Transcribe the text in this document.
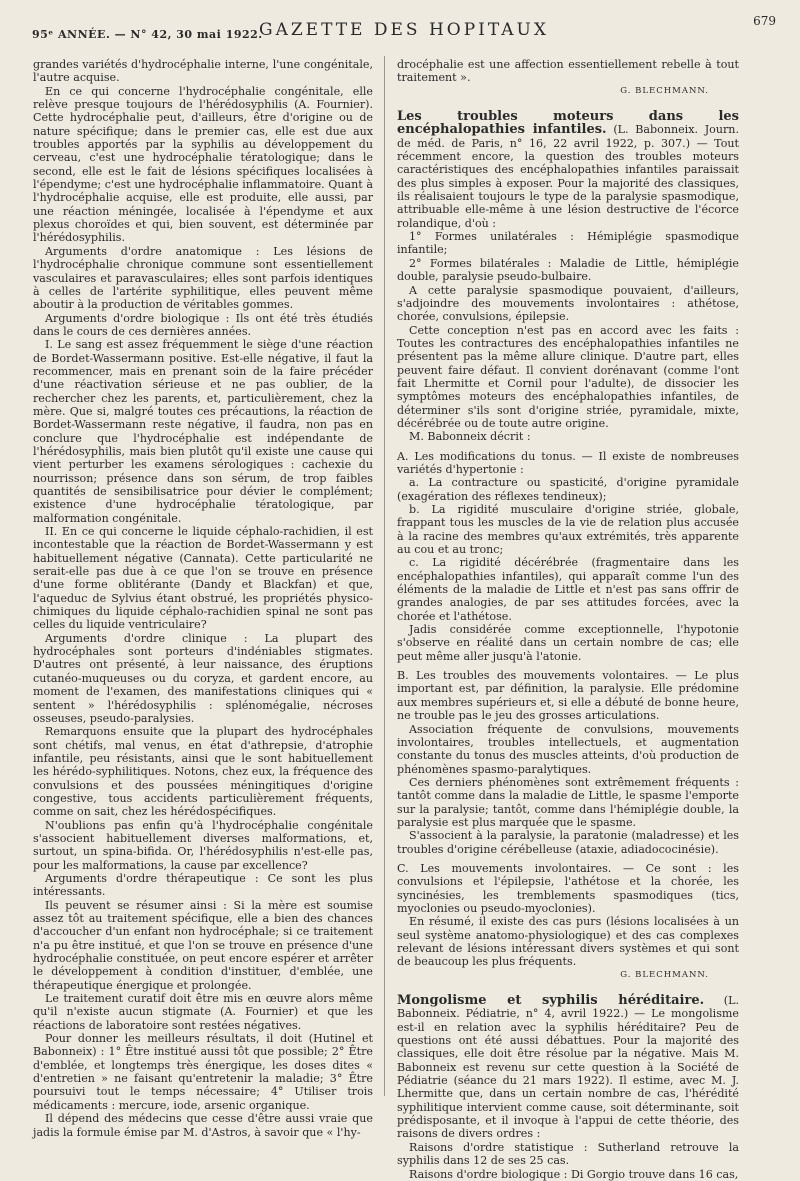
95ᵉ ANNÉE. — N° 42, 30 mai 1922.
GAZETTE DES HOPITAUX	679

grandes variétés d'hydrocéphalie interne, l'une congénitale, l'autre acquise.

En ce qui concerne l'hydrocéphalie congénitale, elle relève presque toujours de l'hérédosyphilis (A. Fournier). Cette hydrocéphalie peut, d'ailleurs, être d'origine ou de nature spécifique; dans le premier cas, elle est due aux troubles apportés par la syphilis au développement du cerveau, c'est une hydrocéphalie tératologique; dans le second, elle est le fait de lésions spécifiques localisées à l'épendyme; c'est une hydrocéphalie inflammatoire. Quant à l'hydrocéphalie acquise, elle est produite, elle aussi, par une réaction méningée, localisée à l'épendyme et aux plexus choroïdes et qui, bien souvent, est déterminée par l'hérédosyphilis.

Arguments d'ordre anatomique : Les lésions de l'hydrocéphalie chronique commune sont essentiellement vasculaires et paravasculaires; elles sont parfois identiques à celles de l'artérite syphilitique, elles peuvent même aboutir à la production de véritables gommes.

Arguments d'ordre biologique : Ils ont été très étudiés dans le cours de ces dernières années.

I. Le sang est assez fréquemment le siège d'une réaction de Bordet-Wassermann positive. Est-elle négative, il faut la recommencer, mais en prenant soin de la faire précéder d'une réactivation sérieuse et ne pas oublier, de la rechercher chez les parents, et, particulièrement, chez la mère. Que si, malgré toutes ces précautions, la réaction de Bordet-Wassermann reste négative, il faudra, non pas en conclure que l'hydrocéphalie est indépendante de l'hérédosyphilis, mais bien plutôt qu'il existe une cause qui vient perturber les examens sérologiques : cachexie du nourrisson; présence dans son sérum, de trop faibles quantités de sensibilisatrice pour dévier le complément; existence d'une hydrocéphalie tératologique, par malformation congénitale.

II. En ce qui concerne le liquide céphalo-rachidien, il est incontestable que la réaction de Bordet-Wassermann y est habituellement négative (Cannata). Cette particularité ne serait-elle pas due à ce que l'on se trouve en présence d'une forme oblitérante (Dandy et Blackfan) et que, l'aqueduc de Sylvius étant obstrué, les propriétés physico-chimiques du liquide céphalo-rachidien spinal ne sont pas celles du liquide ventriculaire?

Arguments d'ordre clinique : La plupart des hydrocéphales sont porteurs d'indéniables stigmates. D'autres ont présenté, à leur naissance, des éruptions cutanéo-muqueuses ou du coryza, et gardent encore, au moment de l'examen, des manifestations cliniques qui « sentent » l'hérédosyphilis : splénomégalie, nécroses osseuses, pseudo-paralysies.

Remarquons ensuite que la plupart des hydrocéphales sont chétifs, mal venus, en état d'athrepsie, d'atrophie infantile, peu résistants, ainsi que le sont habituellement les hérédo-syphilitiques. Notons, chez eux, la fréquence des convulsions et des poussées méningitiques d'origine congestive, tous accidents particulièrement fréquents, comme on sait, chez les hérédospécifiques.

N'oublions pas enfin qu'à l'hydrocéphalie congénitale s'associent habituellement diverses malformations, et, surtout, un spina-bifida. Or, l'hérédosyphilis n'est-elle pas, pour les malformations, la cause par excellence?

Arguments d'ordre thérapeutique : Ce sont les plus intéressants.

Ils peuvent se résumer ainsi : Si la mère est soumise assez tôt au traitement spécifique, elle a bien des chances d'accoucher d'un enfant non hydrocéphale; si ce traitement n'a pu être institué, et que l'on se trouve en présence d'une hydrocéphalie constituée, on peut encore espérer et arrêter le développement à condition d'instituer, d'emblée, une thérapeutique énergique et prolongée.

Le traitement curatif doit être mis en œuvre alors même qu'il n'existe aucun stigmate (A. Fournier) et que les réactions de laboratoire sont restées négatives.

Pour donner les meilleurs résultats, il doit (Hutinel et Babonneix) : 1° Être institué aussi tôt que possible; 2° Être d'emblée, et longtemps très énergique, les doses dites « d'entretien » ne faisant qu'entretenir la maladie; 3° Être poursuivi tout le temps nécessaire; 4° Utiliser trois médicaments : mercure, iode, arsenic organique.

Il dépend des médecins que cesse d'être aussi vraie que jadis la formule émise par M. d'Astros, à savoir que « l'hy-

drocéphalie est une affection essentiellement rebelle à tout traitement ».

G. BLECHMANN.

Les troubles moteurs dans les encéphalopathies infantiles. (L. Babonneix. Journ. de méd. de Paris, n° 16, 22 avril 1922, p. 307.) — Tout récemment encore, la question des troubles moteurs caractéristiques des encéphalopathies infantiles paraissait des plus simples à exposer. Pour la majorité des classiques, ils réalisaient toujours le type de la paralysie spasmodique, attribuable elle-même à une lésion destructive de l'écorce rolandique, d'où :

1° Formes unilatérales : Hémiplégie spasmodique infantile;

2° Formes bilatérales : Maladie de Little, hémiplégie double, paralysie pseudo-bulbaire.

A cette paralysie spasmodique pouvaient, d'ailleurs, s'adjoindre des mouvements involontaires : athétose, chorée, convulsions, épilepsie.

Cette conception n'est pas en accord avec les faits : Toutes les contractures des encéphalopathies infantiles ne présentent pas la même allure clinique. D'autre part, elles peuvent faire défaut. Il convient dorénavant (comme l'ont fait Lhermitte et Cornil pour l'adulte), de dissocier les symptômes moteurs des encéphalopathies infantiles, de déterminer s'ils sont d'origine striée, pyramidale, mixte, décérébrée ou de toute autre origine.

M. Babonneix décrit :

A. Les modifications du tonus. — Il existe de nombreuses variétés d'hypertonie :

a. La contracture ou spasticité, d'origine pyramidale (exagération des réflexes tendineux);

b. La rigidité musculaire d'origine striée, globale, frappant tous les muscles de la vie de relation plus accusée à la racine des membres qu'aux extrémités, très apparente au cou et au tronc;

c. La rigidité décérébrée (fragmentaire dans les encéphalopathies infantiles), qui apparaît comme l'un des éléments de la maladie de Little et n'est pas sans offrir de grandes analogies, de par ses attitudes forcées, avec la chorée et l'athétose.

Jadis considérée comme exceptionnelle, l'hypotonie s'observe en réalité dans un certain nombre de cas; elle peut même aller jusqu'à l'atonie.

B. Les troubles des mouvements volontaires. — Le plus important est, par définition, la paralysie. Elle prédomine aux membres supérieurs et, si elle a débuté de bonne heure, ne trouble pas le jeu des grosses articulations.

Association fréquente de convulsions, mouvements involontaires, troubles intellectuels, et augmentation constante du tonus des muscles atteints, d'où production de phénomènes spasmo-paralytiques.

Ces derniers phénomènes sont extrêmement fréquents : tantôt comme dans la maladie de Little, le spasme l'emporte sur la paralysie; tantôt, comme dans l'hémiplégie double, la paralysie est plus marquée que le spasme.

S'associent à la paralysie, la paratonie (maladresse) et les troubles d'origine cérébelleuse (ataxie, adiadococinésie).

C. Les mouvements involontaires. — Ce sont : les convulsions et l'épilepsie, l'athétose et la chorée, les syncinésies, les tremblements spasmodiques (tics, myoclonies ou pseudo-myoclonies).

En résumé, il existe des cas purs (lésions localisées à un seul système anatomo-physiologique) et des cas complexes relevant de lésions intéressant divers systèmes et qui sont de beaucoup les plus fréquents.

G. BLECHMANN.

Mongolisme et syphilis héréditaire. (L. Babonneix. Pédiatrie, n° 4, avril 1922.) — Le mongolisme est-il en relation avec la syphilis héréditaire? Peu de questions ont été aussi débattues. Pour la majorité des classiques, elle doit être résolue par la négative. Mais M. Babonneix est revenu sur cette question à la Société de Pédiatrie (séance du 21 mars 1922). Il estime, avec M. J. Lhermitte que, dans un certain nombre de cas, l'hérédité syphilitique intervient comme cause, soit déterminante, soit prédisposante, et il invoque à l'appui de cette théorie, des raisons de divers ordres :

Raisons d'ordre statistique : Sutherland retrouve la syphilis dans 12 de ses 25 cas.

Raisons d'ordre biologique : Di Gorgio trouve dans 16 cas,
